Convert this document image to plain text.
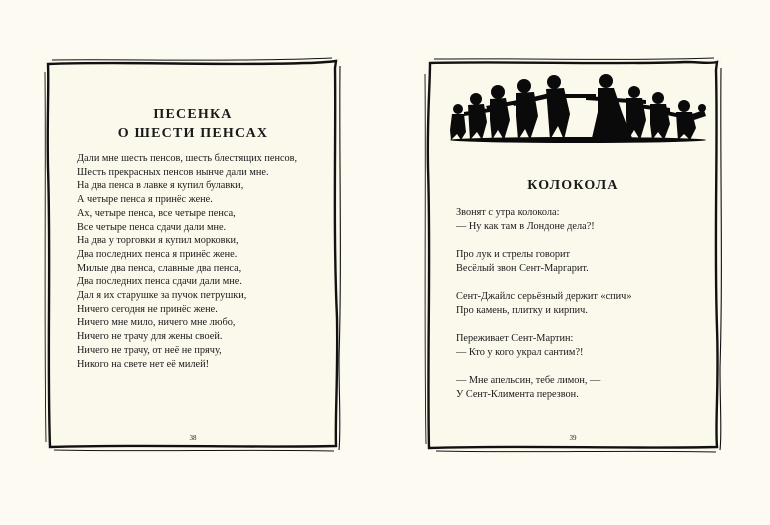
ПЕСЕНКА
О ШЕСТИ ПЕНСАХ
Дали мне шесть пенсов, шесть блестящих пенсов,
Шесть прекрасных пенсов нынче дали мне.
На два пенса в лавке я купил булавки,
А четыре пенса я принёс жене.
Ах, четыре пенса, все четыре пенса,
Все четыре пенса сдачи дали мне.
На два у торговки я купил морковки,
Два последних пенса я принёс жене.
Милые два пенса, славные два пенса,
Два последних пенса сдачи дали мне.
Дал я их старушке за пучок петрушки,
Ничего сегодня не принёс жене.
Ничего мне мило, ничего мне любо,
Ничего не трачу для жены своей.
Ничего не трачу, от неё не прячу,
Никого на свете нет её милей!
38
КОЛОКОЛА
Звонят с утра колокола:
— Ну как там в Лондоне дела?!
Про лук и стрелы говорит
Весёлый звон Сент-Маргарит.
Сент-Джайлс серьёзный держит «спич»
Про камень, плитку и кирпич.
Переживает Сент-Мартин:
— Кто у кого украл сантим?!
— Мне апельсин, тебе лимон, —
У Сент-Климента перезвон.
39
